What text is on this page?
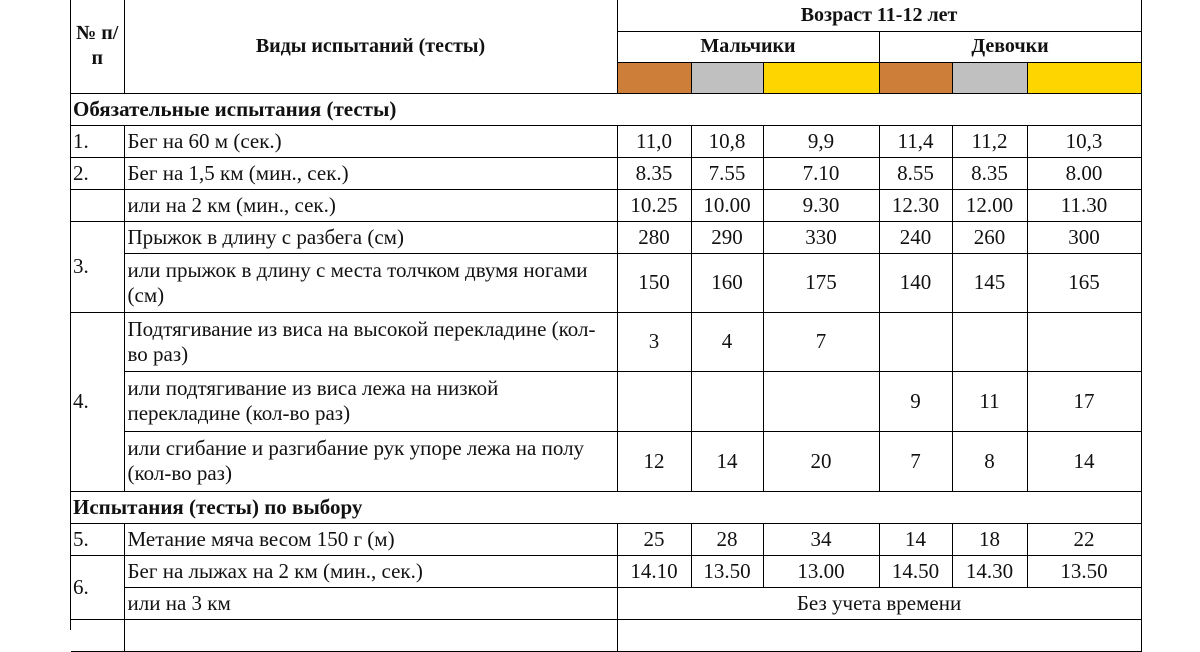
№ п/п	Виды испытаний (тесты)	Возраст 11-12 лет					
		Мальчики			Девочки		

Обязательные испытания (тесты)							
1.	Бег на 60 м (сек.)	11,0	10,8	9,9	11,4	11,2	10,3
2.	Бег на 1,5 км (мин., сек.)	8.35	7.55	7.10	8.55	8.35	8.00
	или на 2 км (мин., сек.)	10.25	10.00	9.30	12.30	12.00	11.30
3.	Прыжок в длину с разбега (см)	280	290	330	240	260	300
	или прыжок в длину с места толчком двумя ногами (см)	150	160	175	140	145	165
4.	Подтягивание из виса на высокой перекладине (кол-во раз)	3	4	7			
	или подтягивание из виса лежа на низкой перекладине (кол-во раз)				9	11	17
	или сгибание и разгибание рук упоре лежа на полу (кол-во раз)	12	14	20	7	8	14
Испытания (тесты) по выбору							
5.	Метание мяча весом 150 г (м)	25	28	34	14	18	22
6.	Бег на лыжах на 2 км (мин., сек.)	14.10	13.50	13.00	14.50	14.30	13.50
	или на 3 км	Без учета времени					
